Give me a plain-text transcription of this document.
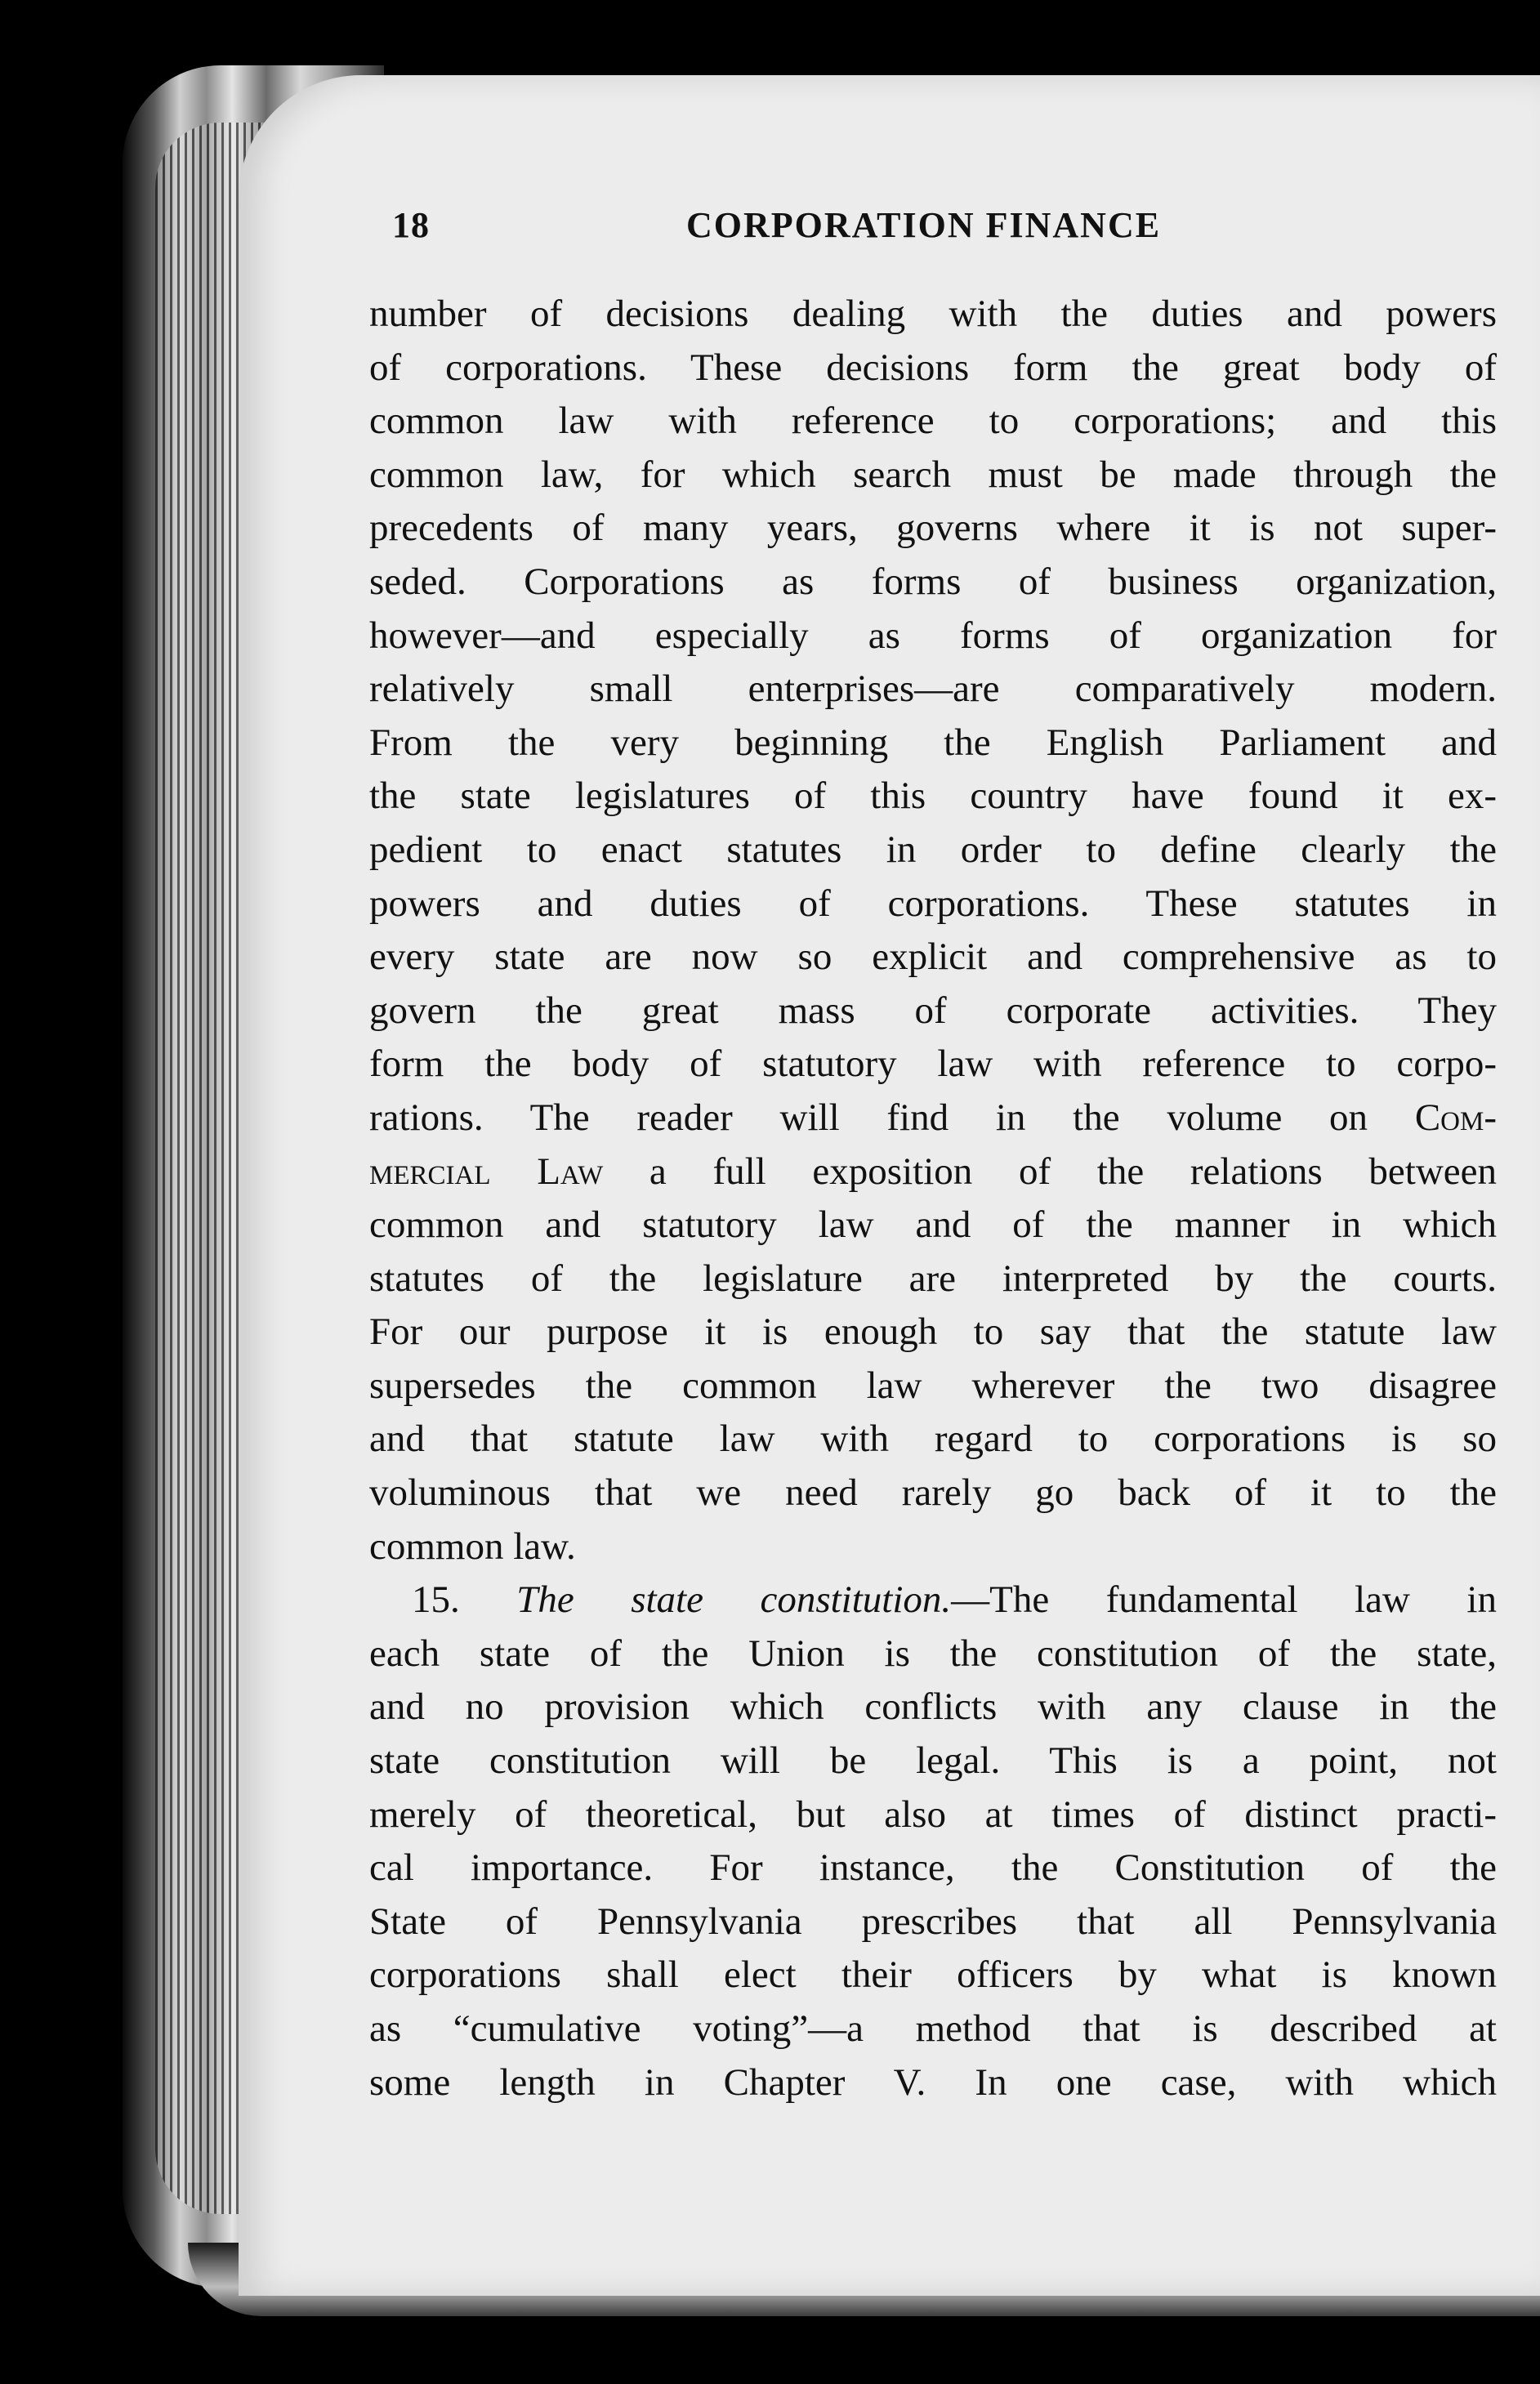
18	CORPORATION FINANCE
number of decisions dealing with the duties and powers
of corporations. These decisions form the great body of
common law with reference to corporations; and this
common law, for which search must be made through the
precedents of many years, governs where it is not super-
seded. Corporations as forms of business organization,
however—and especially as forms of organization for
relatively small enterprises—are comparatively modern.
From the very beginning the English Parliament and
the state legislatures of this country have found it ex-
pedient to enact statutes in order to define clearly the
powers and duties of corporations. These statutes in
every state are now so explicit and comprehensive as to
govern the great mass of corporate activities. They
form the body of statutory law with reference to corpo-
rations. The reader will find in the volume on Com-
mercial Law a full exposition of the relations between
common and statutory law and of the manner in which
statutes of the legislature are interpreted by the courts.
For our purpose it is enough to say that the statute law
supersedes the common law wherever the two disagree
and that statute law with regard to corporations is so
voluminous that we need rarely go back of it to the
common law.
15. The state constitution.—The fundamental law in
each state of the Union is the constitution of the state,
and no provision which conflicts with any clause in the
state constitution will be legal. This is a point, not
merely of theoretical, but also at times of distinct practi-
cal importance. For instance, the Constitution of the
State of Pennsylvania prescribes that all Pennsylvania
corporations shall elect their officers by what is known
as “cumulative voting”—a method that is described at
some length in Chapter V. In one case, with which
